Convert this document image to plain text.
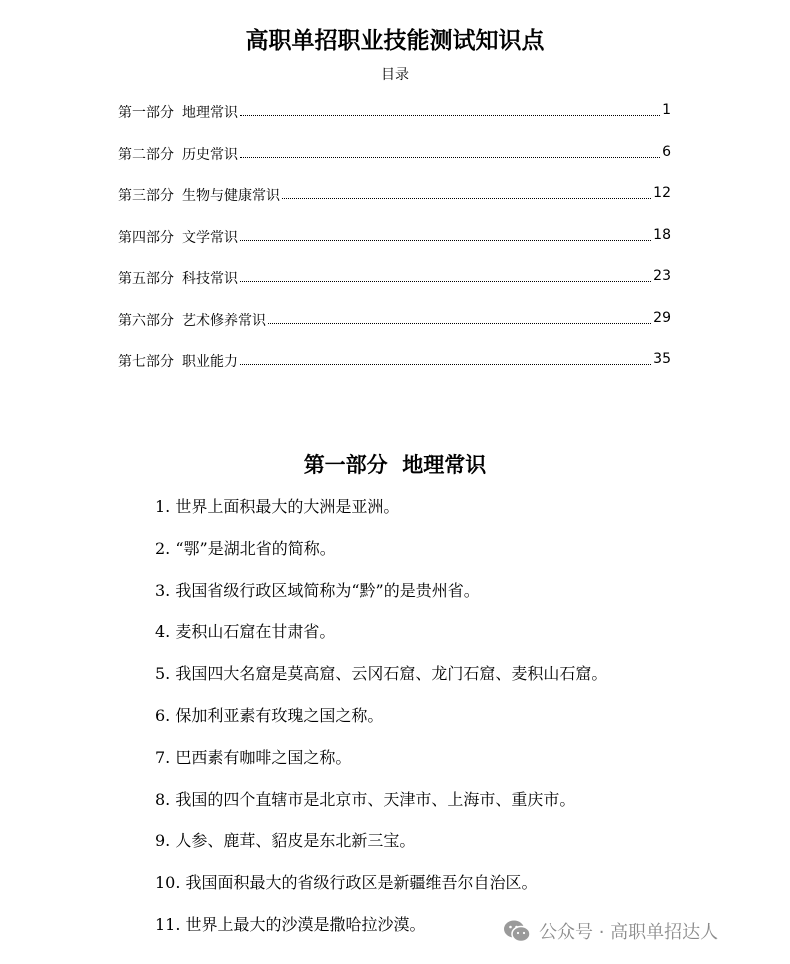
高职单招职业技能测试知识点
目录
第一部分 地理常识	1
第二部分 历史常识	6
第三部分 生物与健康常识	12
第四部分 文学常识	18
第五部分 科技常识	23
第六部分 艺术修养常识	29
第七部分 职业能力	35
第一部分  地理常识
1. 世界上面积最大的大洲是亚洲。
2. “鄂”是湖北省的简称。
3. 我国省级行政区域简称为“黔”的是贵州省。
4. 麦积山石窟在甘肃省。
5. 我国四大名窟是莫高窟、云冈石窟、龙门石窟、麦积山石窟。
6. 保加利亚素有玫瑰之国之称。
7. 巴西素有咖啡之国之称。
8. 我国的四个直辖市是北京市、天津市、上海市、重庆市。
9. 人参、鹿茸、貂皮是东北新三宝。
10. 我国面积最大的省级行政区是新疆维吾尔自治区。
11. 世界上最大的沙漠是撒哈拉沙漠。	公众号 · 高职单招达人
